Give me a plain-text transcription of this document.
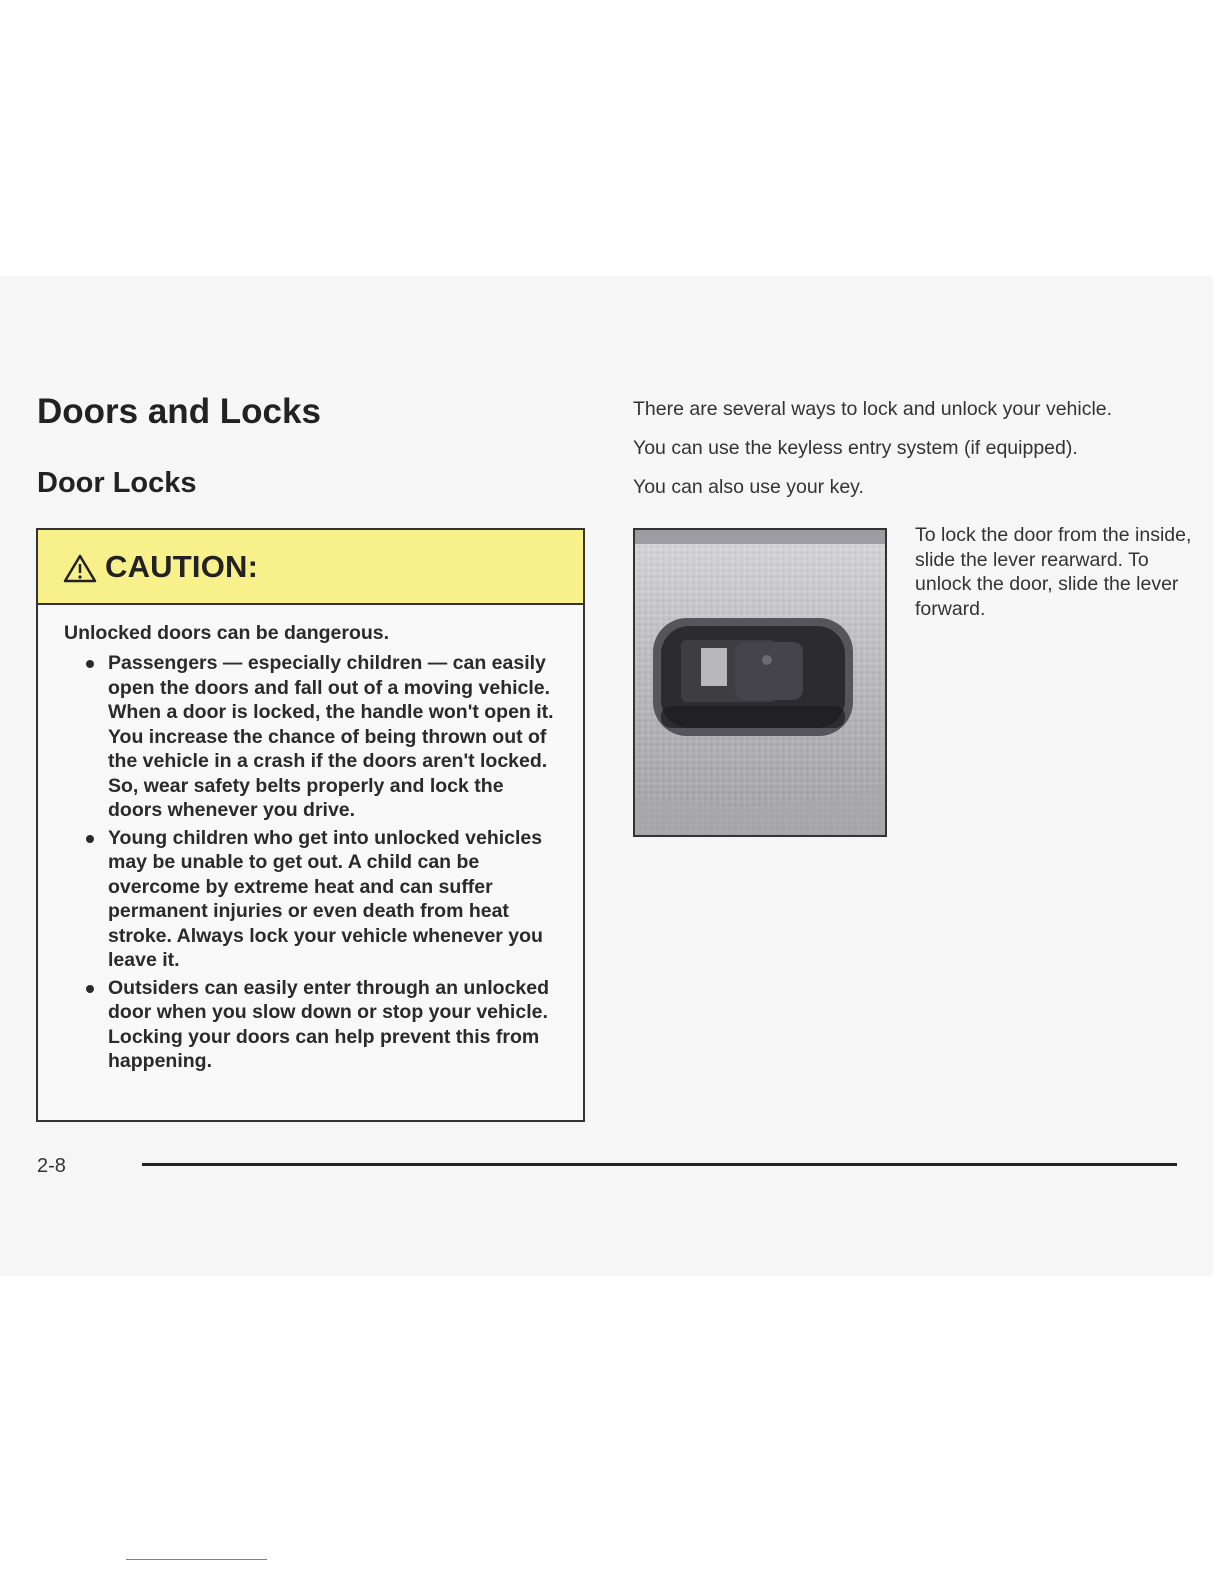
Doors and Locks
Door Locks
CAUTION:

Unlocked doors can be dangerous.

Passengers — especially children — can easily open the doors and fall out of a moving vehicle. When a door is locked, the handle won't open it. You increase the chance of being thrown out of the vehicle in a crash if the doors aren't locked. So, wear safety belts properly and lock the doors whenever you drive.
Young children who get into unlocked vehicles may be unable to get out. A child can be overcome by extreme heat and can suffer permanent injuries or even death from heat stroke. Always lock your vehicle whenever you leave it.
Outsiders can easily enter through an unlocked door when you slow down or stop your vehicle. Locking your doors can help prevent this from happening.

There are several ways to lock and unlock your vehicle.

You can use the keyless entry system (if equipped).

You can also use your key.

To lock the door from the inside, slide the lever rearward. To unlock the door, slide the lever forward.

2-8
